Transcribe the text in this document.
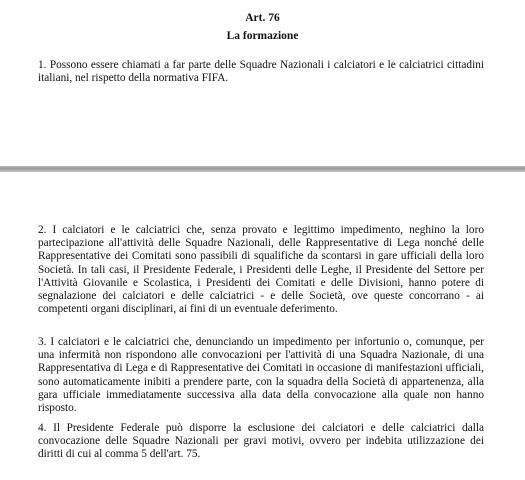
Art. 76

La formazione

1. Possono essere chiamati a far parte delle Squadre Nazionali i calciatori e le calciatrici cittadini italiani, nel rispetto della normativa FIFA.

2. I calciatori e le calciatrici che, senza provato e legittimo impedimento, neghino la loro partecipazione all'attività delle Squadre Nazionali, delle Rappresentative di Lega nonché delle Rappresentative dei Comitati sono passibili di squalifiche da scontarsi in gare ufficiali della loro Società. In tali casi, il Presidente Federale, i Presidenti delle Leghe, il Presidente del Settore per l'Attività Giovanile e Scolastica, i Presidenti dei Comitati e delle Divisioni, hanno potere di segnalazione dei calciatori e delle calciatrici - e delle Società, ove queste concorrano - ai competenti organi disciplinari, ai fini di un eventuale deferimento.

3. I calciatori e le calciatrici che, denunciando un impedimento per infortunio o, comunque, per una infermità non rispondono alle convocazioni per l'attività di una Squadra Nazionale, di una Rappresentativa di Lega e di Rappresentative dei Comitati in occasione di manifestazioni ufficiali, sono automaticamente inibiti a prendere parte, con la squadra della Società di appartenenza, alla gara ufficiale immediatamente successiva alla data della convocazione alla quale non hanno risposto.

4. Il Presidente Federale può disporre la esclusione dei calciatori e delle calciatrici dalla convocazione delle Squadre Nazionali per gravi motivi, ovvero per indebita utilizzazione dei diritti di cui al comma 5 dell'art. 75.
